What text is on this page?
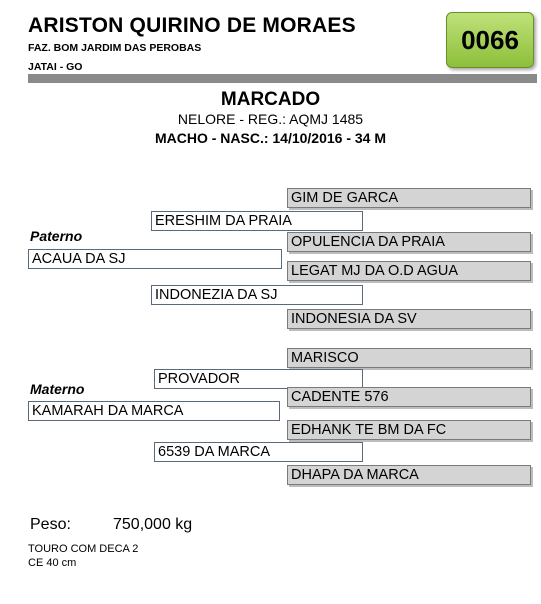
ARISTON QUIRINO DE MORAES
FAZ. BOM JARDIM DAS PEROBAS
JATAI - GO
0066
MARCADO
NELORE - REG.: AQMJ 1485
MACHO - NASC.: 14/10/2016 - 34 M
GIM DE GARCA
ERESHIM DA PRAIA
Paterno	OPULENCIA DA PRAIA
ACAUA DA SJ
LEGAT MJ DA O.D AGUA
INDONEZIA DA SJ
INDONESIA DA SV
MARISCO
PROVADOR
Materno	CADENTE 576
KAMARAH DA MARCA
EDHANK TE BM DA FC
6539 DA MARCA
DHAPA DA MARCA
Peso:	750,000 kg
TOURO COM DECA 2
CE 40 cm
